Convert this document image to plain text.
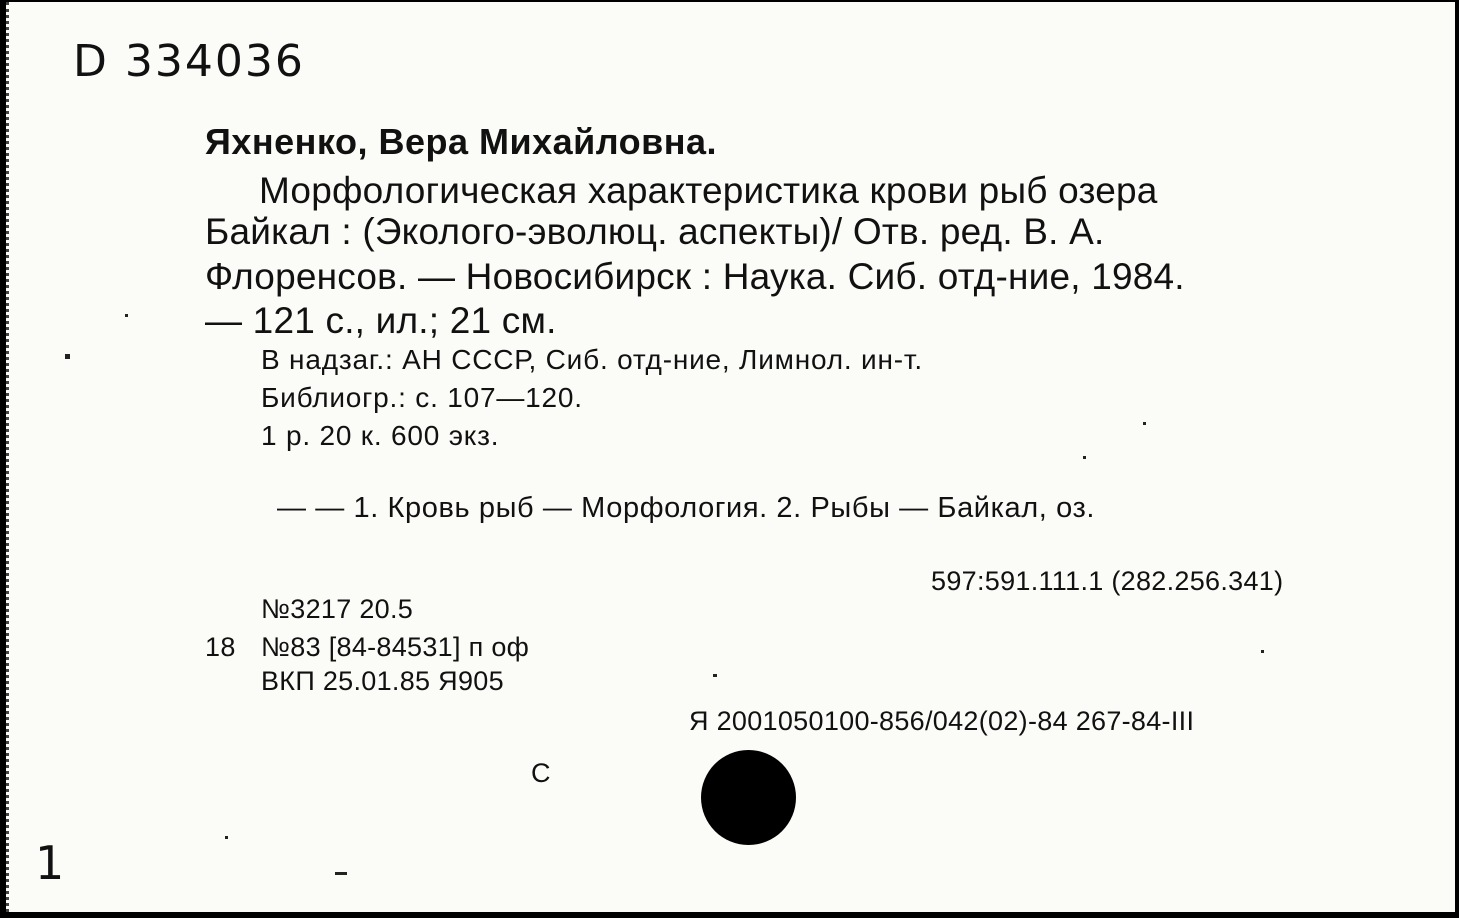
D 334036
Яхненко, Вера Михайловна.
Морфологическая характеристика крови рыб озера
Байкал : (Эколого-эволюц. аспекты)/ Отв. ред. В. А.
Флоренсов. — Новосибирск : Наука. Сиб. отд-ние, 1984.
— 121 с., ил.; 21 см.
В надзаг.: АН СССР, Сиб. отд-ние, Лимнол. ин-т.
Библиогр.: с. 107—120.
1 р. 20 к. 600 экз.
— — 1. Кровь рыб — Морфология. 2. Рыбы — Байкал, оз.
597:591.111.1 (282.256.341)
№3217 20.5
18 №83 [84-84531] п оф
ВКП 25.01.85 Я905
Я 2001050100-856/042(02)-84 267-84-III
С
1
